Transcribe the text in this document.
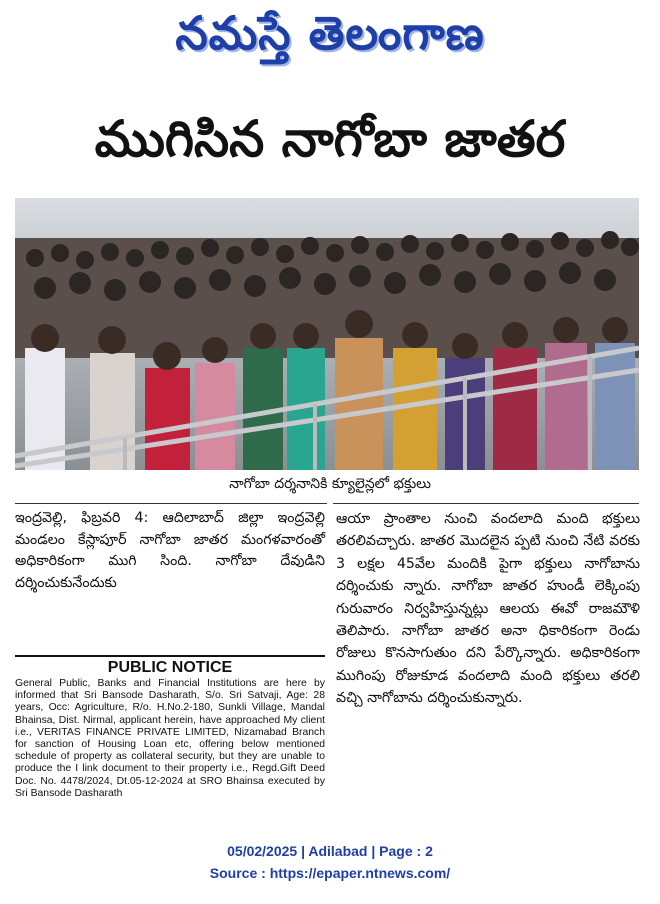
నమస్తే తెలంగాణ
ముగిసిన నాగోబా జాతర
నాగోబా దర్శనానికి క్యూలైన్లలో భక్తులు
ఇంద్రవెల్లి, ఫిబ్రవరి 4: ఆదిలాబాద్ జిల్లా ఇంద్రవెల్లి మండలం కేస్లాపూర్ నాగోబా జాతర మంగళవారంతో అధికారికంగా ముగి సింది. నాగోబా దేవుడిని దర్శించుకునేందుకు
ఆయా ప్రాంతాల నుంచి వందలాది మంది భక్తులు తరలివచ్చారు. జాతర మొదలైన ప్పటి నుంచి నేటి వరకు 3 లక్షల 45వేల మందికి పైగా భక్తులు నాగోబాను దర్శించుకు న్నారు. నాగోబా జాతర హుండీ లెక్కింపు గురువారం నిర్వహిస్తున్నట్లు ఆలయ ఈవో రాజమౌళి తెలిపారు. నాగోబా జాతర అనా ధికారికంగా రెండు రోజులు కొనసాగుతుం దని పేర్కొన్నారు. అధికారికంగా ముగింపు రోజుకూడ వందలాది మంది భక్తులు తరలి వచ్చి నాగోబాను దర్శించుకున్నారు.
PUBLIC NOTICE
General Public, Banks and Financial Institutions are here by informed that Sri Bansode Dasharath, S/o. Sri Satvaji, Age: 28 years, Occ: Agriculture, R/o. H.No.2-180, Sunkli Village, Mandal Bhainsa, Dist. Nirmal, applicant herein, have approached My client i.e., VERITAS FINANCE PRIVATE LIMITED, Nizamabad Branch for sanction of Housing Loan etc, offering below mentioned schedule of property as collateral security, but they are unable to produce the I link document to their property i.e., Regd.Gift Deed Doc. No. 4478/2024, Dt.05-12-2024 at SRO Bhainsa executed by Sri Bansode Dasharath
05/02/2025 | Adilabad | Page : 2
Source : https://epaper.ntnews.com/
